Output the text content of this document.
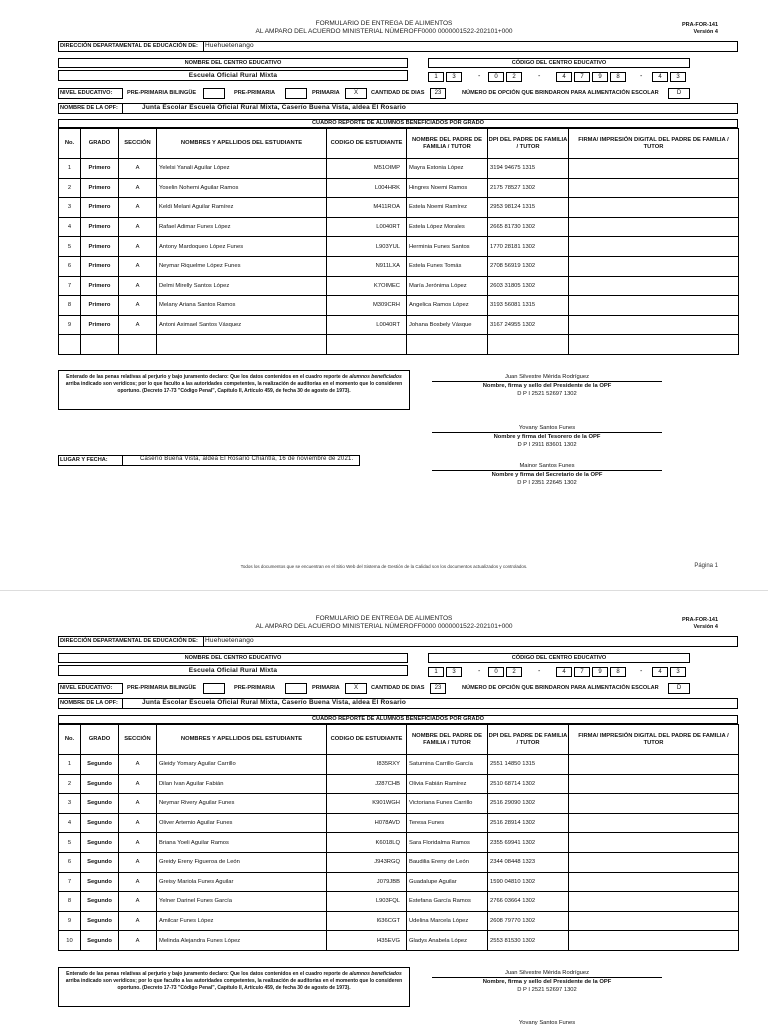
FORMULARIO DE ENTREGA DE ALIMENTOS
AL AMPARO DEL ACUERDO MINISTERIAL NÚMEROFF0000 0000001522-202101+000
PRA-FOR-141
Versión 4
DIRECCIÓN DEPARTAMENTAL DE EDUCACIÓN DE: Huehuetenango
NOMBRE DEL CENTRO EDUCATIVO
Escuela Oficial Rural Mixta
CÓDIGO DEL CENTRO EDUCATIVO
1	3	-	0	2	-	4	7	9	8	-	4	3
NIVEL EDUCATIVO:	PRE-PRIMARIA BILINGÜE	PRE-PRIMARIA	PRIMARIA	X	CANTIDAD DE DIAS	23	NÚMERO DE OPCIÓN QUE BRINDARON PARA ALIMENTACIÓN ESCOLAR	D
NOMBRE DE LA OPF:	Junta Escolar Escuela Oficial Rural Mixta, Caserío Buena Vista, aldea El Rosario
CUADRO REPORTE DE ALUMNOS BENEFICIADOS POR GRADO
No.	GRADO	SECCIÓN	NOMBRES Y APELLIDOS DEL ESTUDIANTE	CODIGO DE ESTUDIANTE	NOMBRE DEL PADRE DE FAMILIA / TUTOR	DPI DEL PADRE DE FAMILIA / TUTOR	FIRMA/ IMPRESIÓN DIGITAL DEL PADRE DE FAMILIA / TUTOR
1	Primero	A	Yelelsi Yanali Aguilar López	M51OIMP	Mayra Estonia López	3194 94675 1315	
2	Primero	A	Yoselin Nohemi Aguilar Ramos	L004HRK	Hingres Noemi Ramos	2175 78527 1302	
3	Primero	A	Keldi Melani Aguilar Ramírez	M411ROA	Estela Noemi Ramírez	2953 98124 1315	
4	Primero	A	Rafael Adimar Funes López	L0040RT	Estela López Morales	2665 81730 1302	
5	Primero	A	Antony Mardoqueo López Funes	L903YUL	Herminia Funes Santos	1770 28181 1302	
6	Primero	A	Neymar Riquelme López Funes	N911LXA	Estela Funes Tomás	2708 56919 1302	
7	Primero	A	Delmi Mirelly Santos López	K7OIMEC	María Jerónima López	2603 31805 1302	
8	Primero	A	Melany Ariana Santos Ramos	M309CRH	Angelica Ramos López	3193 56081 1315	
9	Primero	A	Antoni Aximael Santos Vásquez	L0040RT	Johana Bosbely Vásque	3167 24955 1302	

Enterado de las penas relativas al perjurio y bajo juramento declaro: Que los datos contenidos en el cuadro reporte de alumnos beneficiados arriba indicado son verídicos; por lo que faculto a las autoridades competentes, la realización de auditorías en el momento que lo consideren oportuno. (Decreto 17-73 "Código Penal", Capítulo II, Artículo 459, de fecha 30 de agosto de 1973).
Juan Silvestre Mérida Rodríguez
Nombre, firma y sello del Presidente de la OPF
D P I 2521 52697 1302
Yovany Santos Funes
Nombre y firma del Tesorero de la OPF
D P I 2911 83601 1302
Mainor Santos Funes
Nombre y firma del Secretario de la OPF
D P I 2351 22645 1302
LUGAR Y FECHA:	Caserío Buena Vista, aldea El Rosario Chiantla, 16 de noviembre de 2021.
Todos los documentos que se encuentran en el Sitio Web del Sistema de Gestión de la Calidad son los documentos actualizados y controlados.	Página 1
FORMULARIO DE ENTREGA DE ALIMENTOS
AL AMPARO DEL ACUERDO MINISTERIAL NÚMEROFF0000 0000001522-202101+000
PRA-FOR-141
Versión 4
DIRECCIÓN DEPARTAMENTAL DE EDUCACIÓN DE: Huehuetenango
NOMBRE DEL CENTRO EDUCATIVO
Escuela Oficial Rural Mixta
CÓDIGO DEL CENTRO EDUCATIVO
1	3	-	0	2	-	4	7	9	8	-	4	3
NIVEL EDUCATIVO:	PRE-PRIMARIA BILINGÜE	PRE-PRIMARIA	PRIMARIA	X	CANTIDAD DE DIAS	23	NÚMERO DE OPCIÓN QUE BRINDARON PARA ALIMENTACIÓN ESCOLAR	D
NOMBRE DE LA OPF:	Junta Escolar Escuela Oficial Rural Mixta, Caserío Buena Vista, aldea El Rosario
CUADRO REPORTE DE ALUMNOS BENEFICIADOS POR GRADO
No.	GRADO	SECCIÓN	NOMBRES Y APELLIDOS DEL ESTUDIANTE	CODIGO DE ESTUDIANTE	NOMBRE DEL PADRE DE FAMILIA / TUTOR	DPI DEL PADRE DE FAMILIA / TUTOR	FIRMA/ IMPRESIÓN DIGITAL DEL PADRE DE FAMILIA / TUTOR
1	Segundo	A	Gleidy Yomary Aguilar Carrillo	I835RXY	Saturnina Carrillo García	2551 14850 1315	
2	Segundo	A	Dilan Ivan Aguilar Fabián	J287CHB	Olivia Fabián Ramírez	2510 68714 1302	
3	Segundo	A	Neymar Rivery Aguilar Funes	K901WGH	Victoriana Funes Carrillo	2516 29090 1302	
4	Segundo	A	Oliver Artemio Aguilar Funes	H078AVD	Teresa Funes	2516 28914 1302	
5	Segundo	A	Briana Yoeli Aguilar Ramos	K6018LQ	Sara Floridalma Ramos	2355 69941 1302	
6	Segundo	A	Greidy Ereny Figueroa de León	J943RGQ	Baudilia Ereny de León	2344 08448 1323	
7	Segundo	A	Greisy Mariola Funes Aguilar	J079JBB	Guadalupe Aguilar	1590 04810 1302	
8	Segundo	A	Yelner Darinel Funes García	L903FQL	Estefana García Ramos	2766 03664 1302	
9	Segundo	A	Amilcar Funes López	I636CGT	Udelina Marcela López	2608 79770 1302	
10	Segundo	A	Melinda Alejandra Funes López	I435EVG	Gladys Anabela López	2553 81530 1302	
Enterado de las penas relativas al perjurio y bajo juramento declaro: Que los datos contenidos en el cuadro reporte de alumnos beneficiados arriba indicado son verídicos; por lo que faculto a las autoridades competentes, la realización de auditorías en el momento que lo consideren oportuno. (Decreto 17-73 "Código Penal", Capítulo II, Artículo 459, de fecha 30 de agosto de 1973).
Juan Silvestre Mérida Rodríguez
Nombre, firma y sello del Presidente de la OPF
D P I 2521 52697 1302
Yovany Santos Funes
